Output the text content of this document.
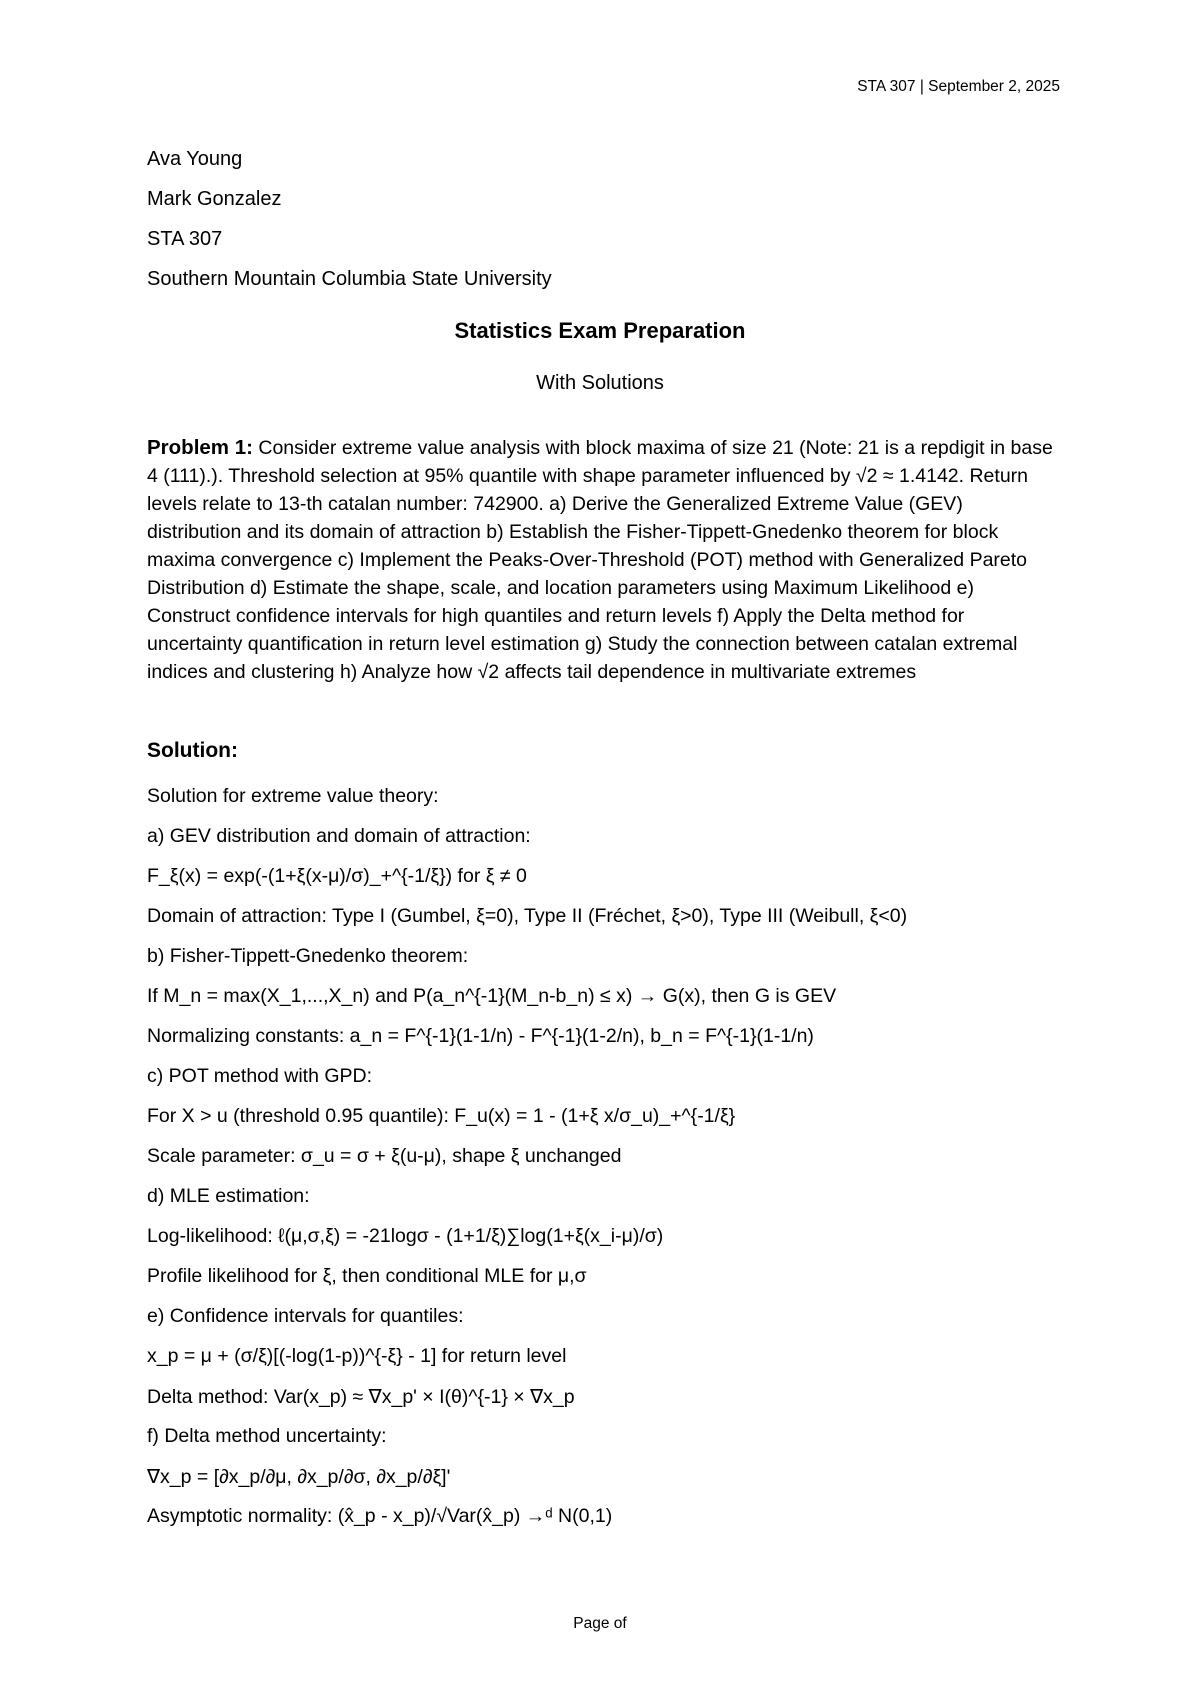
STA 307 | September 2, 2025
Ava Young
Mark Gonzalez
STA 307
Southern Mountain Columbia State University
Statistics Exam Preparation
With Solutions
Problem 1: Consider extreme value analysis with block maxima of size 21 (Note: 21 is a repdigit in base 4 (111).). Threshold selection at 95% quantile with shape parameter influenced by √2 ≈ 1.4142. Return levels relate to 13-th catalan number: 742900. a) Derive the Generalized Extreme Value (GEV) distribution and its domain of attraction b) Establish the Fisher-Tippett-Gnedenko theorem for block maxima convergence c) Implement the Peaks-Over-Threshold (POT) method with Generalized Pareto Distribution d) Estimate the shape, scale, and location parameters using Maximum Likelihood e) Construct confidence intervals for high quantiles and return levels f) Apply the Delta method for uncertainty quantification in return level estimation g) Study the connection between catalan extremal indices and clustering h) Analyze how √2 affects tail dependence in multivariate extremes
Solution:
Solution for extreme value theory:
a) GEV distribution and domain of attraction:
F_ξ(x) = exp(-(1+ξ(x-μ)/σ)_+^{-1/ξ}) for ξ ≠ 0
Domain of attraction: Type I (Gumbel, ξ=0), Type II (Fréchet, ξ>0), Type III (Weibull, ξ<0)
b) Fisher-Tippett-Gnedenko theorem:
If M_n = max(X_1,...,X_n) and P(a_n^{-1}(M_n-b_n) ≤ x) → G(x), then G is GEV
Normalizing constants: a_n = F^{-1}(1-1/n) - F^{-1}(1-2/n), b_n = F^{-1}(1-1/n)
c) POT method with GPD:
For X > u (threshold 0.95 quantile): F_u(x) = 1 - (1+ξ x/σ_u)_+^{-1/ξ}
Scale parameter: σ_u = σ + ξ(u-μ), shape ξ unchanged
d) MLE estimation:
Log-likelihood: ℓ(μ,σ,ξ) = -21logσ - (1+1/ξ)∑log(1+ξ(x_i-μ)/σ)
Profile likelihood for ξ, then conditional MLE for μ,σ
e) Confidence intervals for quantiles:
x_p = μ + (σ/ξ)[(-log(1-p))^{-ξ} - 1] for return level
Delta method: Var(x_p) ≈ ∇x_p' × I(θ)^{-1} × ∇x_p
f) Delta method uncertainty:
∇x_p = [∂x_p/∂μ, ∂x_p/∂σ, ∂x_p/∂ξ]'
Asymptotic normality: (x̂_p - x_p)/√Var(x̂_p) →ᵈ N(0,1)
Page of
